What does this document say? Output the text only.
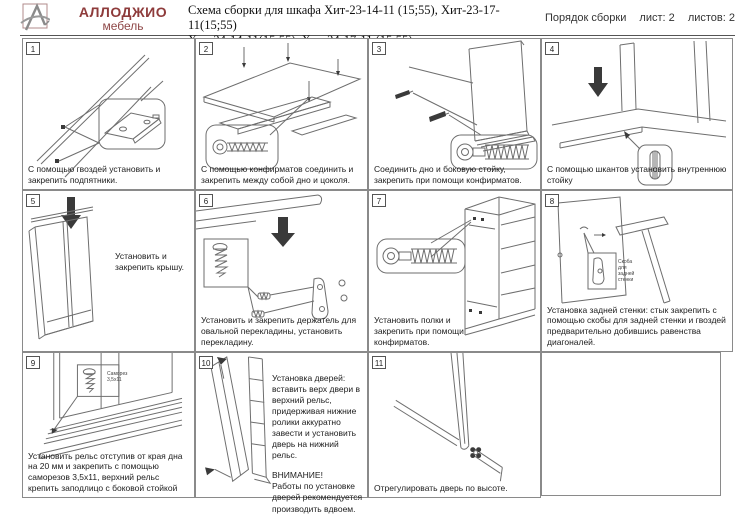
АЛЛОДЖИО
мебель
Схема сборки для шкафа Хит-23-14-11 (15;55), Хит-23-17-11(15;55)	Порядок сборки лист: 2 листов: 2
1
С помощью гвоздей установить и закрепить подпятники.
2
С помощью конфирматов соединить и закрепить между собой дно и цоколя.
3
Соединить дно и боковую стойку, закрепить при помощи конфирматов.
4
С помощью шкантов установить внутреннюю стойку
5
Установить и закрепить крышу.
6
Установить и закрепить держатель для овальной перекладины, установить перекладину.
7
Установить полки и закрепить при помощи конфирматов.
8
Скоба для задней стенки
Установка задней стенки: стык закрепить с помощью скобы для задней стенки и гвоздей предварительно добившись равенства диагоналей.
9
Саморез 3,5х11
Установить рельс отступив от края дна на 20 мм и закрепить с помощью саморезов 3,5х11, верхний рельс крепить заподлицо с боковой стойкой
10
Установка дверей: вставить верх двери в верхний рельс, придерживая нижние ролики аккуратно завести и установить дверь на нижний рельс.
ВНИМАНИЕ!
Работы по установке дверей рекомендуется производить вдвоем.
11
Отрегулировать дверь по высоте.
